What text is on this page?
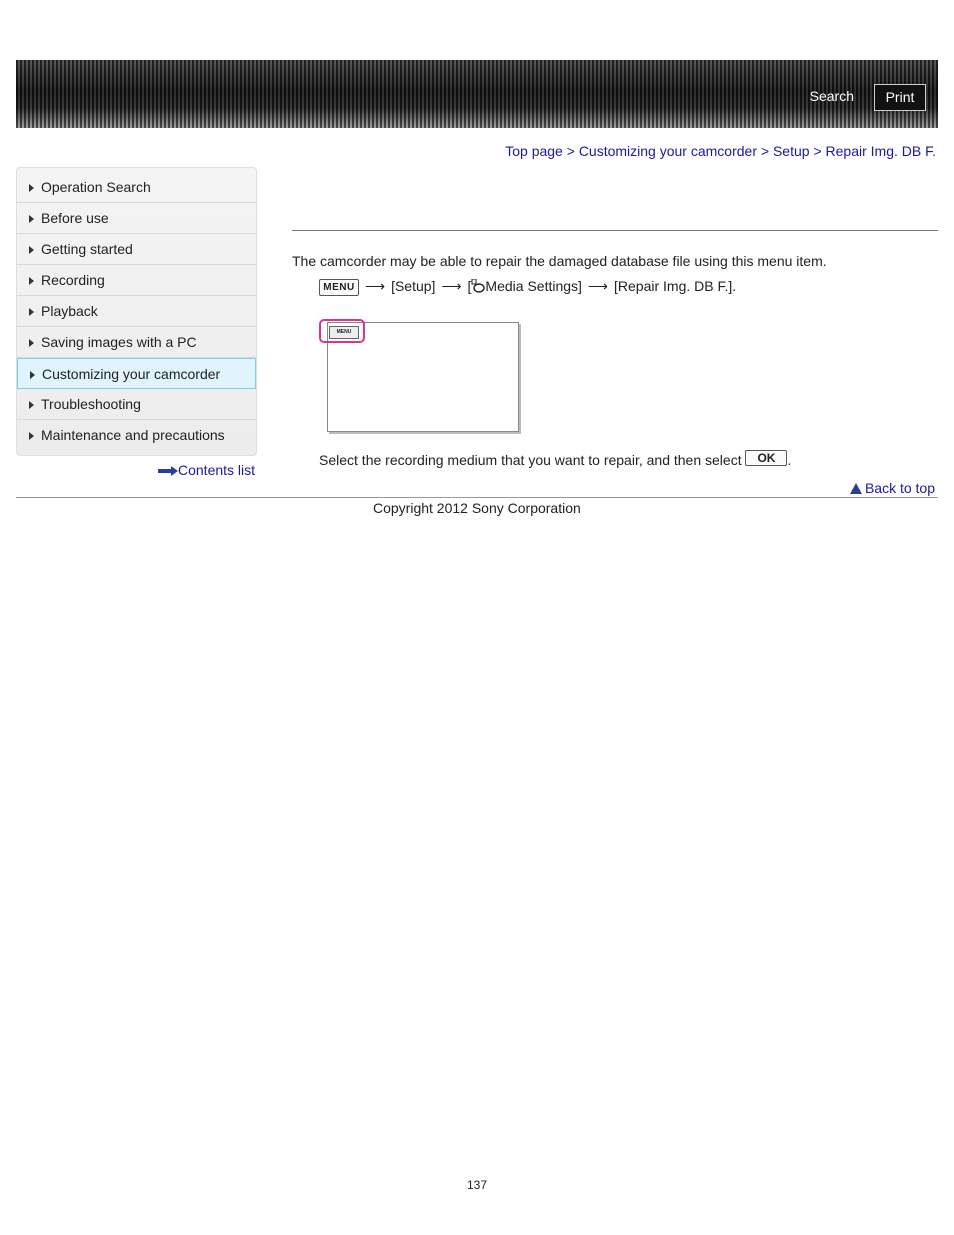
Search	Print
Top page > Customizing your camcorder > Setup > Repair Img. DB F.
Operation Search
Before use
Getting started
Recording
Playback
Saving images with a PC
Customizing your camcorder
Troubleshooting
Maintenance and precautions
Contents list
The camcorder may be able to repair the damaged database file using this menu item.
MENU ⟶ [Setup] ⟶ [ Media Settings] ⟶ [Repair Img. DB F.].
MENU
Select the recording medium that you want to repair, and then select OK .
Back to top
Copyright 2012 Sony Corporation
137
